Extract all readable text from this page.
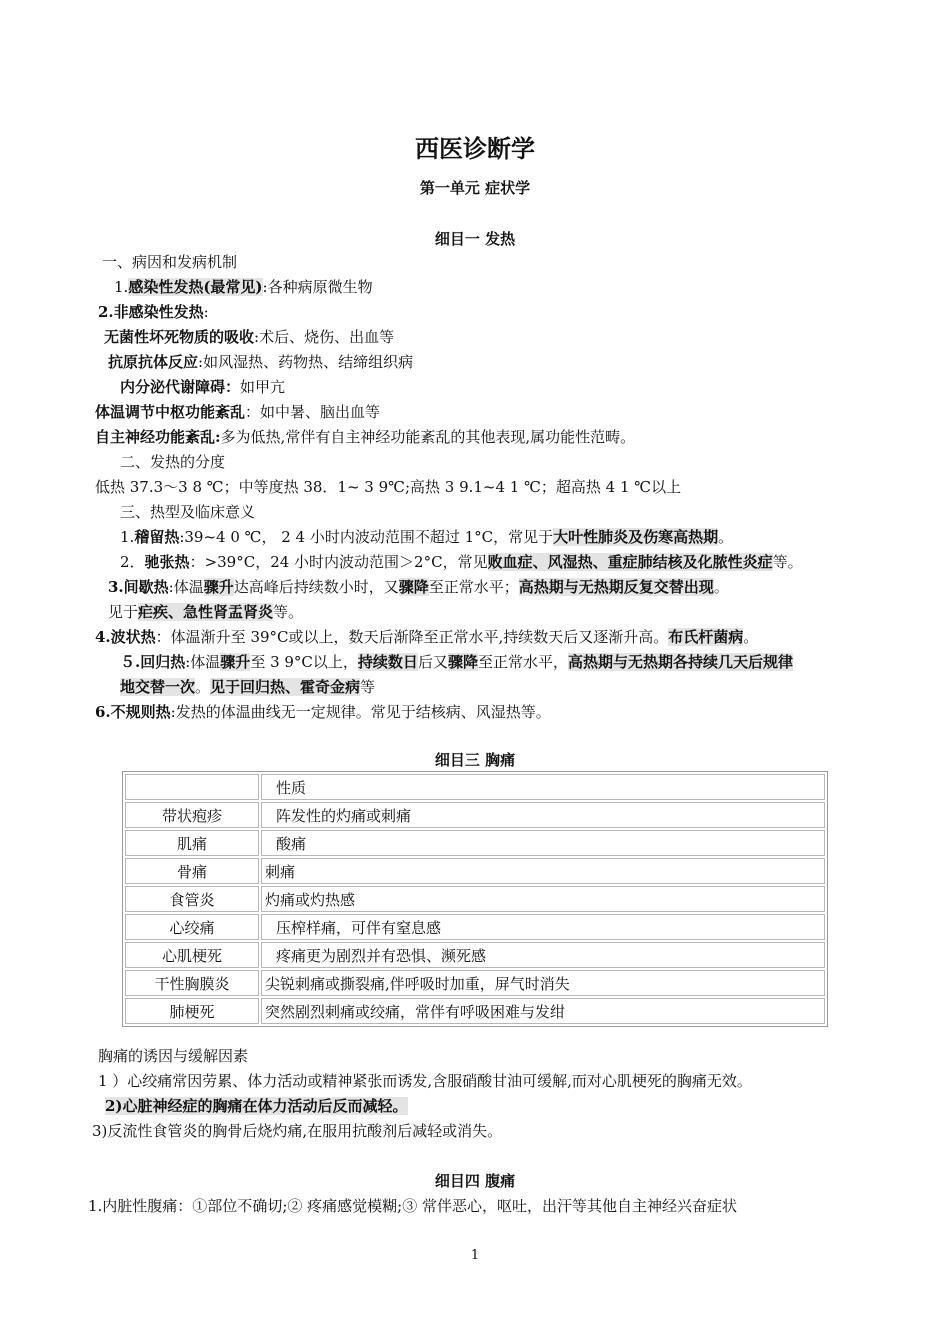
西医诊断学
第一单元 症状学
细目一 发热
一、病因和发病机制
1.感染性发热(最常见):各种病原微生物
2.非感染性发热:
无菌性坏死物质的吸收:术后、烧伤、出血等
抗原抗体反应:如风湿热、药物热、结缔组织病
内分泌代谢障碍：如甲亢
体温调节中枢功能紊乱：如中暑、脑出血等
自主神经功能紊乱:多为低热,常伴有自主神经功能紊乱的其他表现,属功能性范畴。
二、发热的分度
低热 37.3～3 8 ℃；中等度热 38．1~ 3 9℃;高热 3 9.1~4 1 ℃；超高热 4 1 ℃以上
三、热型及临床意义
1.稽留热:39~4 0 ℃， 2 4 小时内波动范围不超过 1°C，常见于大叶性肺炎及伤寒高热期。
2．驰张热：>39°C，24 小时内波动范围＞2°C，常见败血症、风湿热、重症肺结核及化脓性炎症等。
3.间歇热:体温骤升达高峰后持续数小时，又骤降至正常水平；高热期与无热期反复交替出现。
见于疟疾、急性肾盂肾炎等。
4.波状热：体温渐升至 39°C或以上，数天后渐降至正常水平,持续数天后又逐渐升高。布氏杆菌病。
５.回归热:体温骤升至 3 9°C以上，持续数日后又骤降至正常水平，高热期与无热期各持续几天后规律
地交替一次。见于回归热、霍奇金病等
6.不规则热:发热的体温曲线无一定规律。常见于结核病、风湿热等。
细目三 胸痛
	性质
带状疱疹	阵发性的灼痛或刺痛
肌痛	酸痛
骨痛	刺痛
食管炎	灼痛或灼热感
心绞痛	压榨样痛，可伴有窒息感
心肌梗死	疼痛更为剧烈并有恐惧、濒死感
干性胸膜炎	尖锐刺痛或撕裂痛,伴呼吸时加重，屏气时消失
肺梗死	突然剧烈刺痛或绞痛，常伴有呼吸困难与发绀
胸痛的诱因与缓解因素
1 ）心绞痛常因劳累、体力活动或精神紧张而诱发,含服硝酸甘油可缓解,而对心肌梗死的胸痛无效。
2)心脏神经症的胸痛在体力活动后反而减轻。
3)反流性食管炎的胸骨后烧灼痛,在服用抗酸剂后减轻或消失。
细目四 腹痛
1.内脏性腹痛：①部位不确切;② 疼痛感觉模糊;③ 常伴恶心，呕吐，出汗等其他自主神经兴奋症状
1
